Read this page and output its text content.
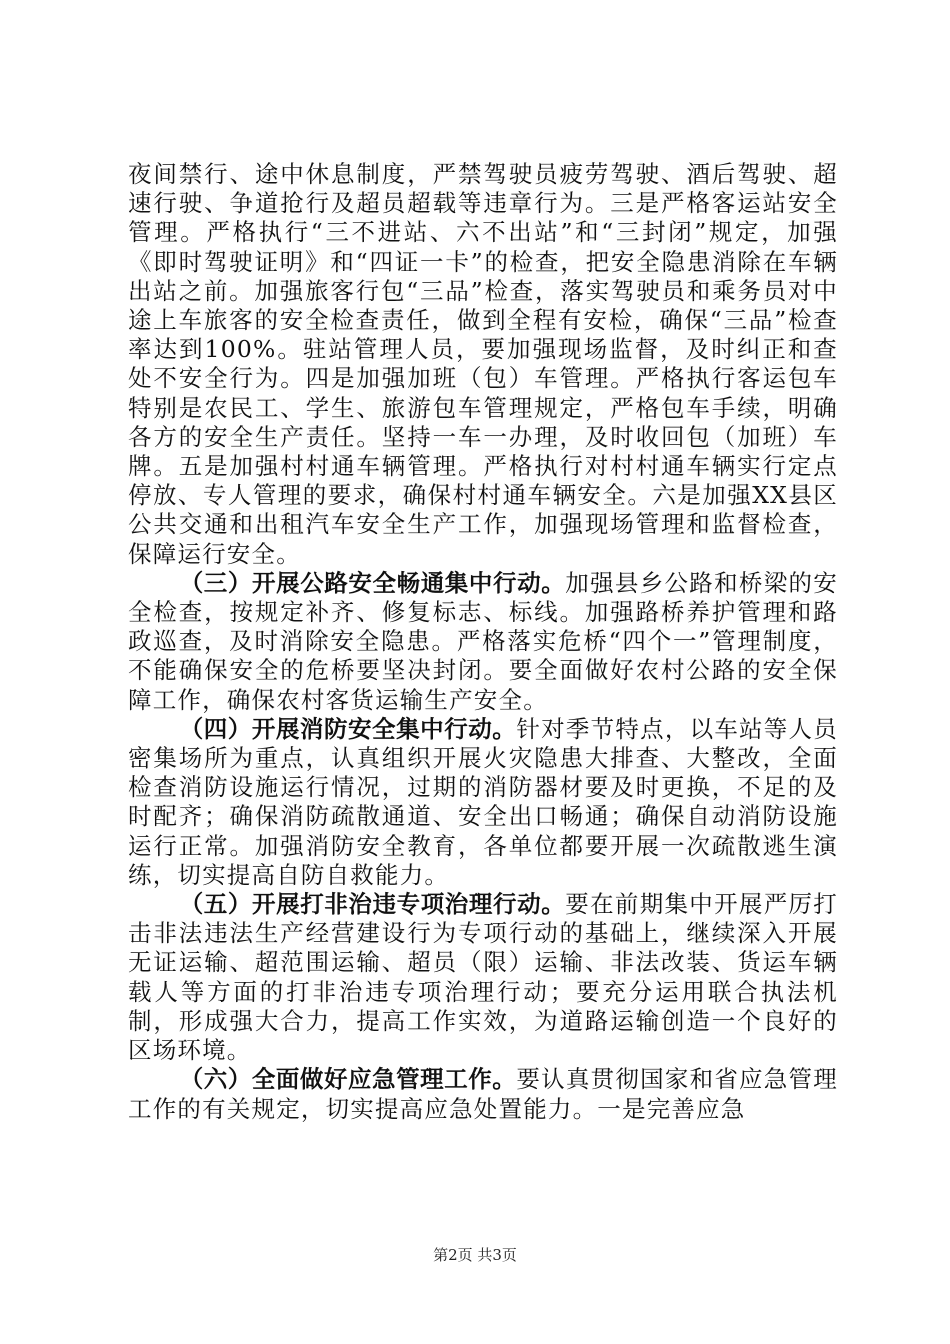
夜间禁行、途中休息制度，严禁驾驶员疲劳驾驶、酒后驾驶、超速行驶、争道抢行及超员超载等违章行为。三是严格客运站安全管理。严格执行“三不进站、六不出站”和“三封闭”规定，加强《即时驾驶证明》和“四证一卡”的检查，把安全隐患消除在车辆出站之前。加强旅客行包“三品”检查，落实驾驶员和乘务员对中途上车旅客的安全检查责任，做到全程有安检，确保“三品”检查率达到100%。驻站管理人员，要加强现场监督，及时纠正和查处不安全行为。四是加强加班（包）车管理。严格执行客运包车特别是农民工、学生、旅游包车管理规定，严格包车手续，明确各方的安全生产责任。坚持一车一办理，及时收回包（加班）车牌。五是加强村村通车辆管理。严格执行对村村通车辆实行定点停放、专人管理的要求，确保村村通车辆安全。六是加强XX县区公共交通和出租汽车安全生产工作，加强现场管理和监督检查，保障运行安全。

（三）开展公路安全畅通集中行动。加强县乡公路和桥梁的安全检查，按规定补齐、修复标志、标线。加强路桥养护管理和路政巡查，及时消除安全隐患。严格落实危桥“四个一”管理制度，不能确保安全的危桥要坚决封闭。要全面做好农村公路的安全保障工作，确保农村客货运输生产安全。

（四）开展消防安全集中行动。针对季节特点，以车站等人员密集场所为重点，认真组织开展火灾隐患大排查、大整改，全面检查消防设施运行情况，过期的消防器材要及时更换，不足的及时配齐；确保消防疏散通道、安全出口畅通；确保自动消防设施运行正常。加强消防安全教育，各单位都要开展一次疏散逃生演练，切实提高自防自救能力。

（五）开展打非治违专项治理行动。要在前期集中开展严厉打击非法违法生产经营建设行为专项行动的基础上，继续深入开展无证运输、超范围运输、超员（限）运输、非法改装、货运车辆载人等方面的打非治违专项治理行动；要充分运用联合执法机制，形成强大合力，提高工作实效，为道路运输创造一个良好的区场环境。

（六）全面做好应急管理工作。要认真贯彻国家和省应急管理工作的有关规定，切实提高应急处置能力。一是完善应急

第2页 共3页
